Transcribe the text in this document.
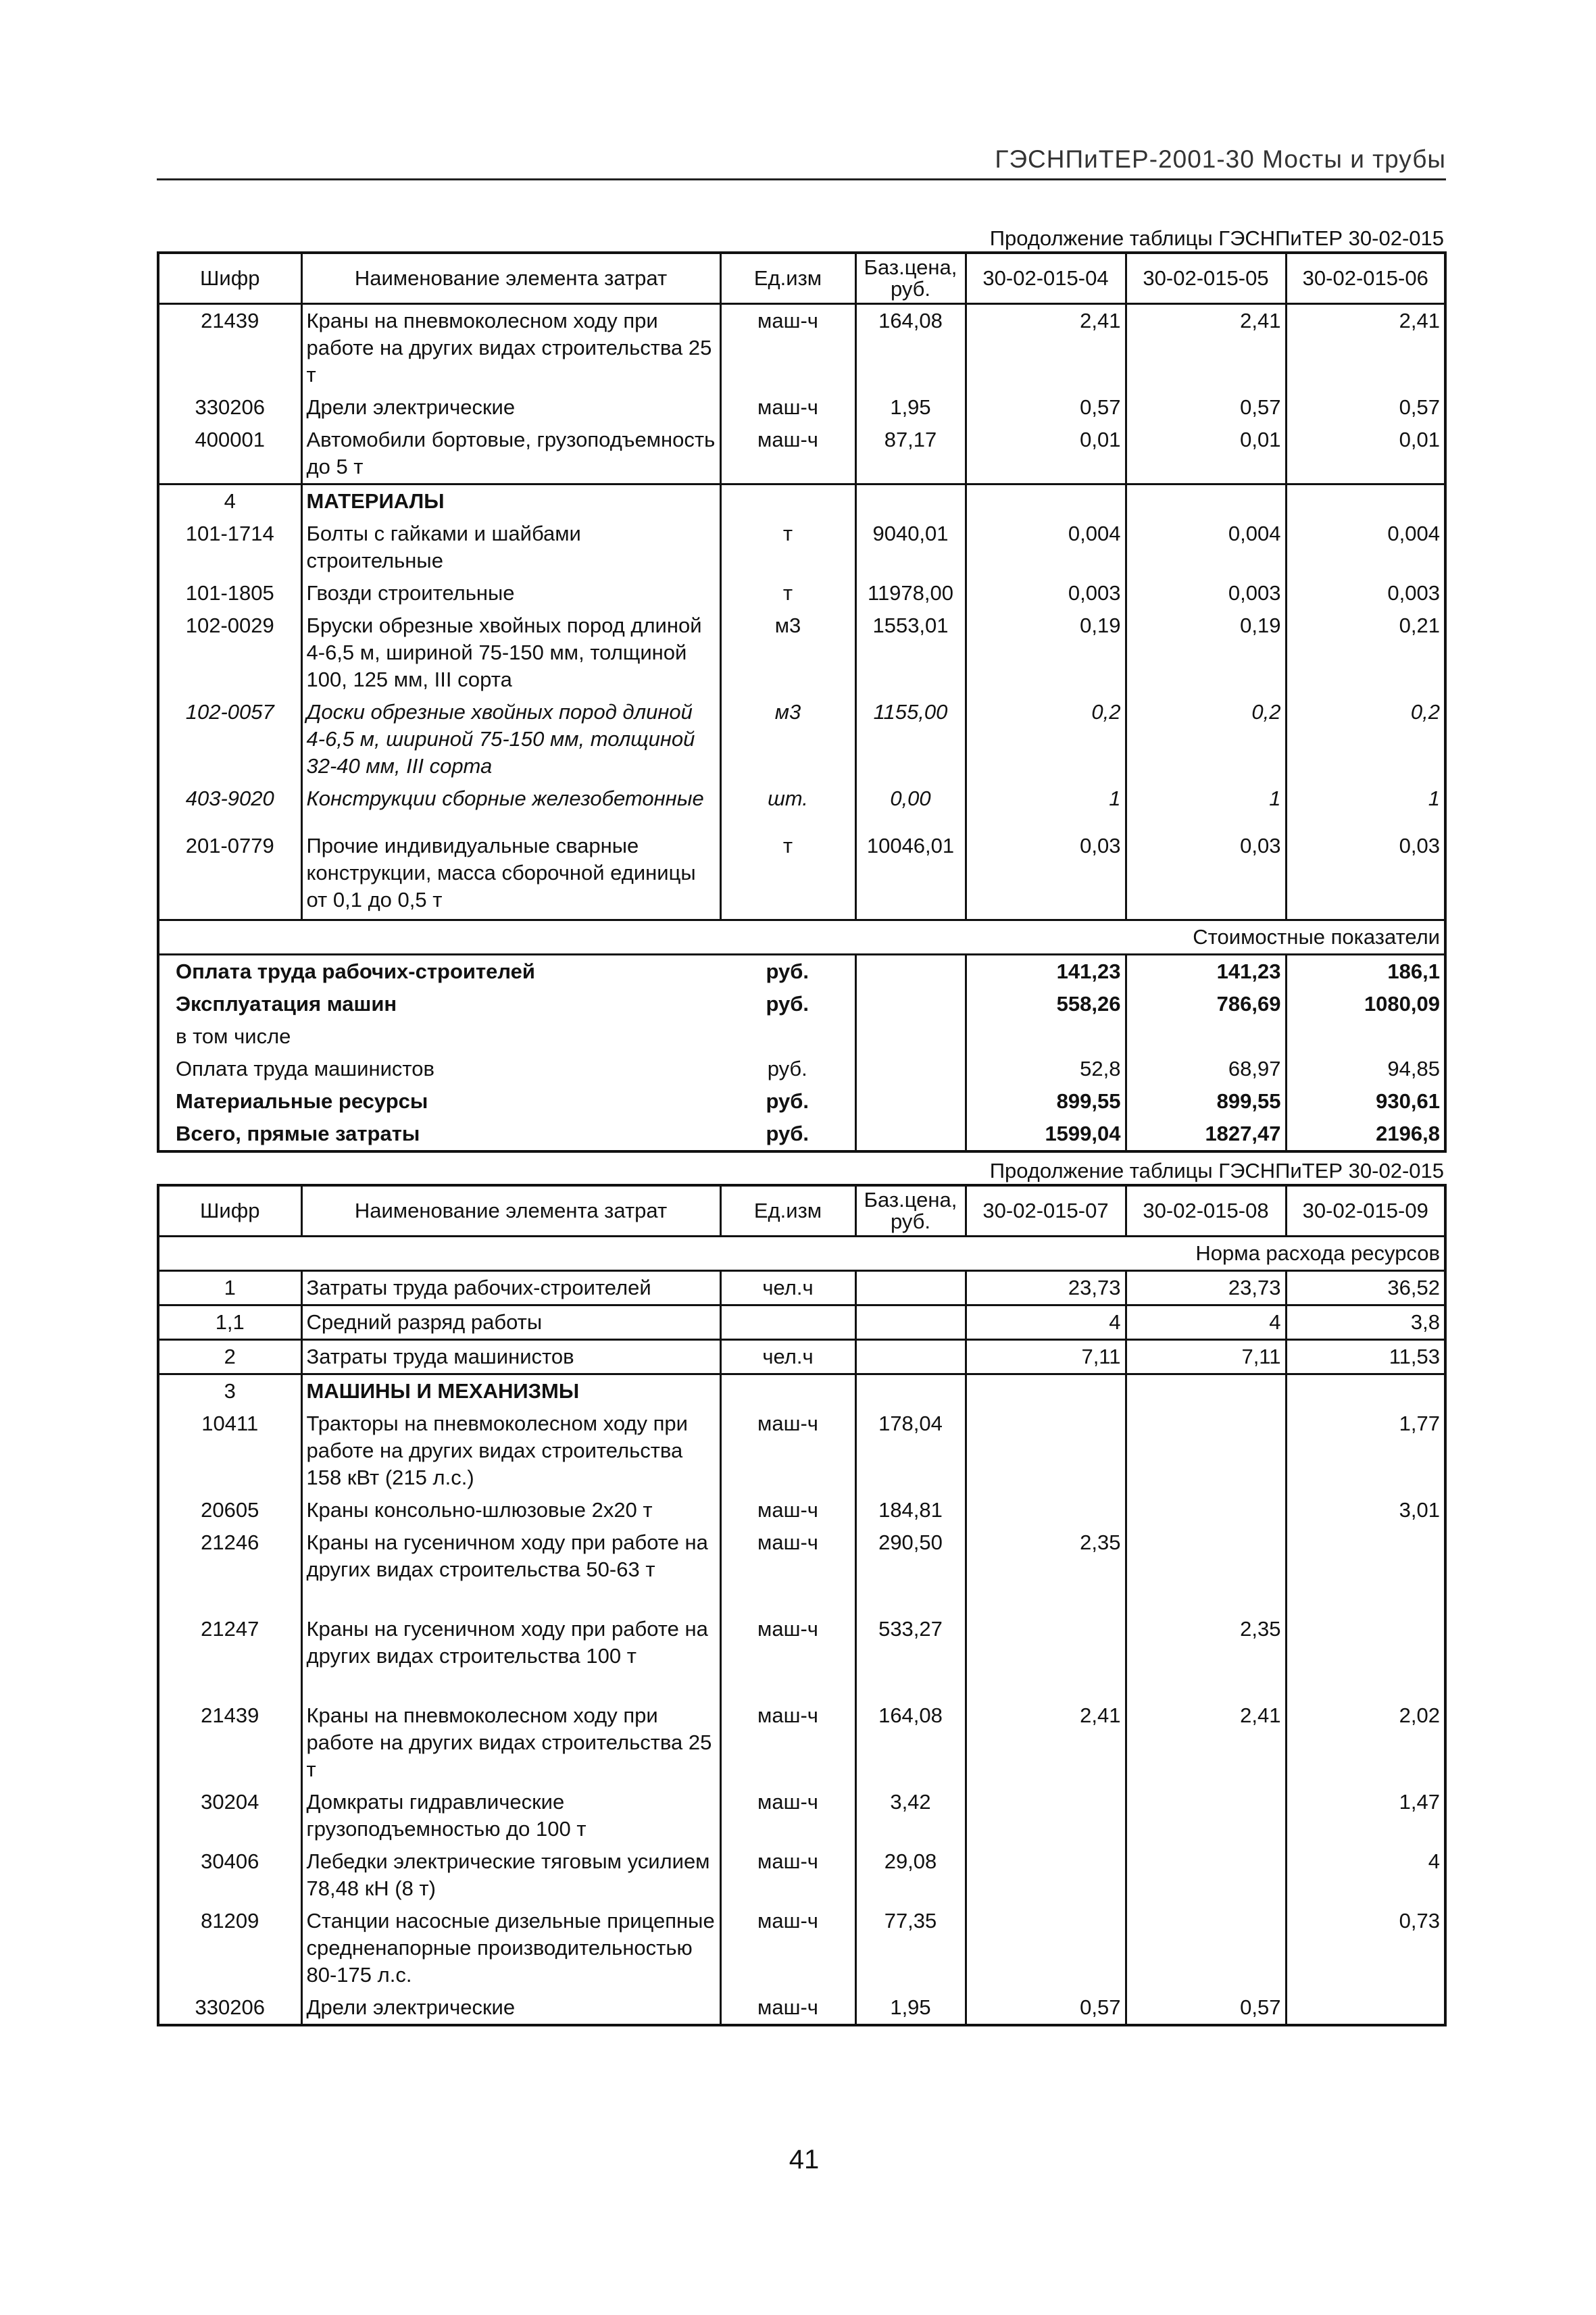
ГЭСНПиТЕР-2001-30 Мосты и трубы
Продолжение таблицы ГЭСНПиТЕР 30-02-015
Шифр	Наименование элемента затрат	Ед.изм	Баз.цена, руб.	30-02-015-04	30-02-015-05	30-02-015-06
21439	Краны на пневмоколесном ходу при работе на других видах строительства 25 т	маш-ч	164,08	2,41	2,41	2,41
330206	Дрели электрические	маш-ч	1,95	0,57	0,57	0,57
400001	Автомобили бортовые, грузоподъемность до 5 т	маш-ч	87,17	0,01	0,01	0,01
4	МАТЕРИАЛЫ					
101-1714	Болты с гайками и шайбами строительные	т	9040,01	0,004	0,004	0,004
101-1805	Гвозди строительные	т	11978,00	0,003	0,003	0,003
102-0029	Бруски обрезные хвойных пород длиной 4-6,5 м, шириной 75-150 мм, толщиной 100, 125 мм, III сорта	м3	1553,01	0,19	0,19	0,21
102-0057	Доски обрезные хвойных пород длиной 4-6,5 м, шириной 75-150 мм, толщиной 32-40 мм, III сорта	м3	1155,00	0,2	0,2	0,2
403-9020	Конструкции сборные железобетонные	шт.	0,00	1	1	1
201-0779	Прочие индивидуальные сварные конструкции, масса сборочной единицы от 0,1 до 0,5 т	т	10046,01	0,03	0,03	0,03
Стоимостные показатели						
Оплата труда рабочих-строителей		руб.		141,23	141,23	186,1
Эксплуатация машин		руб.		558,26	786,69	1080,09
в том числе						
Оплата труда машинистов		руб.		52,8	68,97	94,85
Материальные ресурсы		руб.		899,55	899,55	930,61
Всего, прямые затраты		руб.		1599,04	1827,47	2196,8
Продолжение таблицы ГЭСНПиТЕР 30-02-015
Шифр	Наименование элемента затрат	Ед.изм	Баз.цена, руб.	30-02-015-07	30-02-015-08	30-02-015-09
Норма расхода ресурсов						
1	Затраты труда рабочих-строителей	чел.ч		23,73	23,73	36,52
1,1	Средний разряд работы			4	4	3,8
2	Затраты труда машинистов	чел.ч		7,11	7,11	11,53
3	МАШИНЫ И МЕХАНИЗМЫ					
10411	Тракторы на пневмоколесном ходу при работе на других видах строительства 158 кВт (215 л.с.)	маш-ч	178,04			1,77
20605	Краны консольно-шлюзовые 2х20 т	маш-ч	184,81			3,01
21246	Краны на гусеничном ходу при работе на других видах строительства 50-63 т	маш-ч	290,50	2,35		
21247	Краны на гусеничном ходу при работе на других видах строительства 100 т	маш-ч	533,27		2,35	
21439	Краны на пневмоколесном ходу при работе на других видах строительства 25 т	маш-ч	164,08	2,41	2,41	2,02
30204	Домкраты гидравлические грузоподъемностью до 100 т	маш-ч	3,42			1,47
30406	Лебедки электрические тяговым усилием 78,48 кН (8 т)	маш-ч	29,08			4
81209	Станции насосные дизельные прицепные средненапорные производительностью 80-175 л.с.	маш-ч	77,35			0,73
330206	Дрели электрические	маш-ч	1,95	0,57	0,57	
41
